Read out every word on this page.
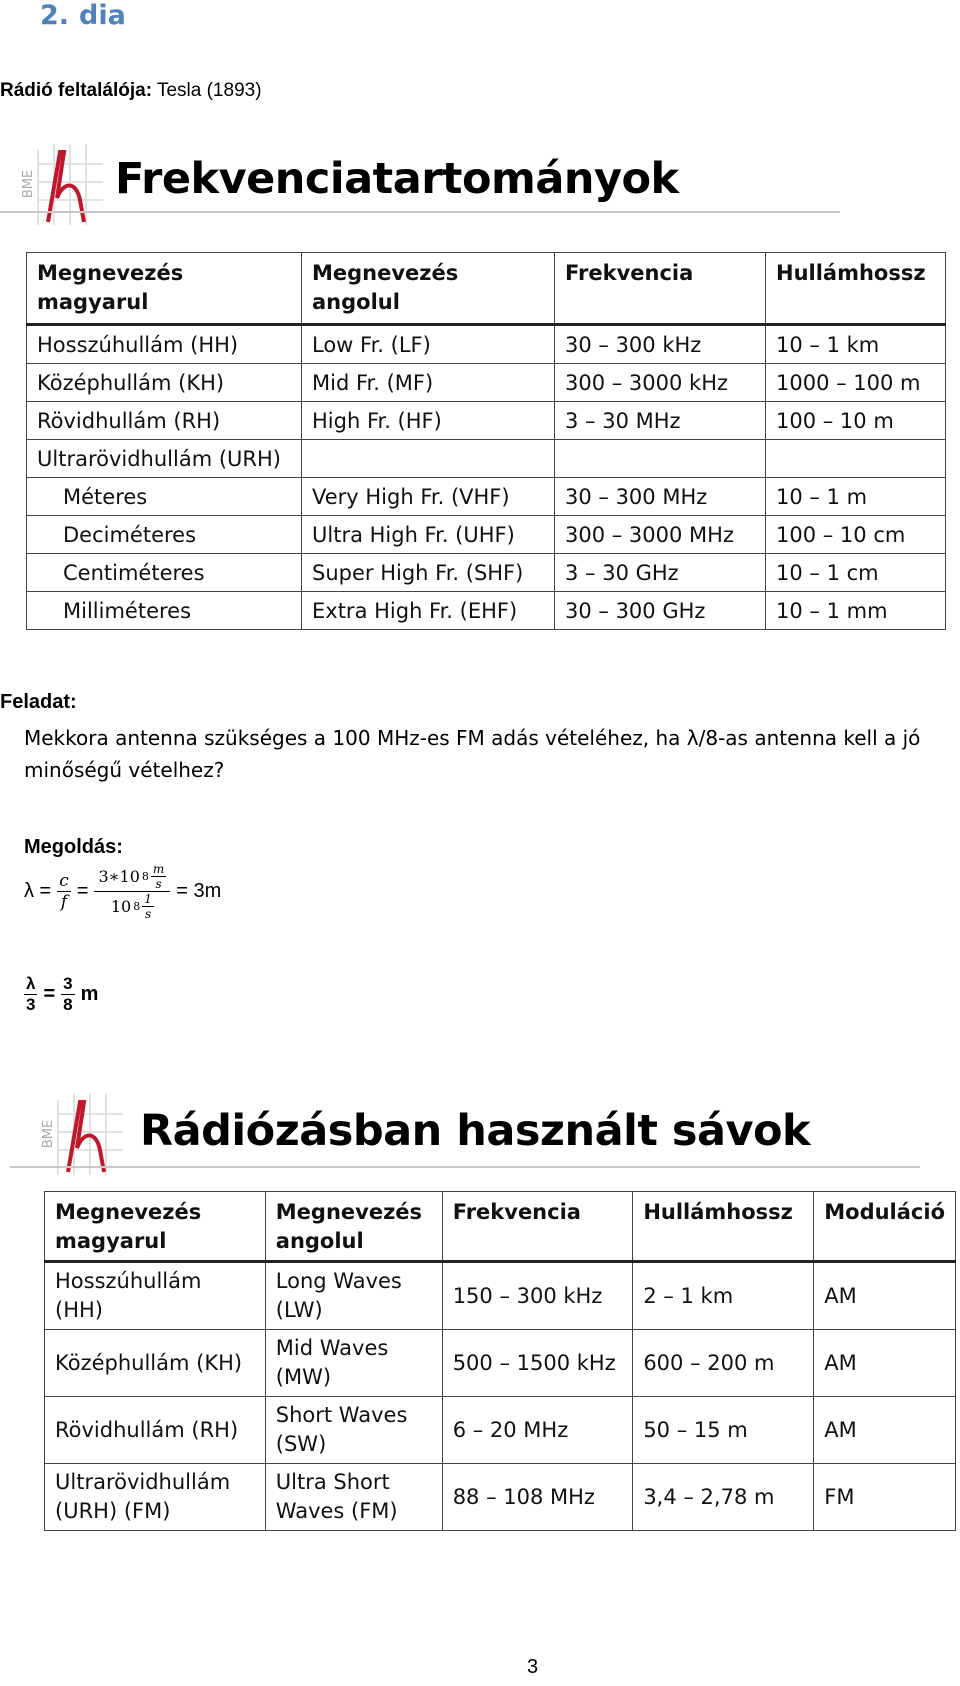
2. dia
Rádió feltalálója: Tesla (1893)
BME Frekvenciatartományok
Megnevezés magyarul	Megnevezés angolul	Frekvencia	Hullámhossz
Hosszúhullám (HH)	Low Fr. (LF)	30 – 300 kHz	10 – 1 km
Középhullám (KH)	Mid Fr. (MF)	300 – 3000 kHz	1000 – 100 m
Rövidhullám (RH)	High Fr. (HF)	3 – 30 MHz	100 – 10 m
Ultrarövidhullám (URH)			
Méteres	Very High Fr. (VHF)	30 – 300 MHz	10 – 1 m
Deciméteres	Ultra High Fr. (UHF)	300 – 3000 MHz	100 – 10 cm
Centiméteres	Super High Fr. (SHF)	3 – 30 GHz	10 – 1 cm
Milliméteres	Extra High Fr. (EHF)	30 – 300 GHz	10 – 1 mm
Feladat:
Mekkora antenna szükséges a 100 MHz-es FM adás vételéhez, ha λ/8-as antenna kell a jó minőségű vételhez?
Megoldás:
$\lambda = \frac{c}{f} = \frac{3∗10 8 \frac{m}{s}}{10 8 \frac{1}{s}} = 3m$
$\frac{\lambda}{3} = \frac{3}{8}$ m
BME Rádiózásban használt sávok
Megnevezés magyarul	Megnevezés angolul	Frekvencia	Hullámhossz	Moduláció
Hosszúhullám (HH)	Long Waves (LW)	150 – 300 kHz	2 – 1 km	AM
Középhullám (KH)	Mid Waves (MW)	500 – 1500 kHz	600 – 200 m	AM
Rövidhullám (RH)	Short Waves (SW)	6 – 20 MHz	50 – 15 m	AM
Ultrarövidhullám (URH) (FM)	Ultra Short Waves (FM)	88 – 108 MHz	3,4 – 2,78 m	FM
3
